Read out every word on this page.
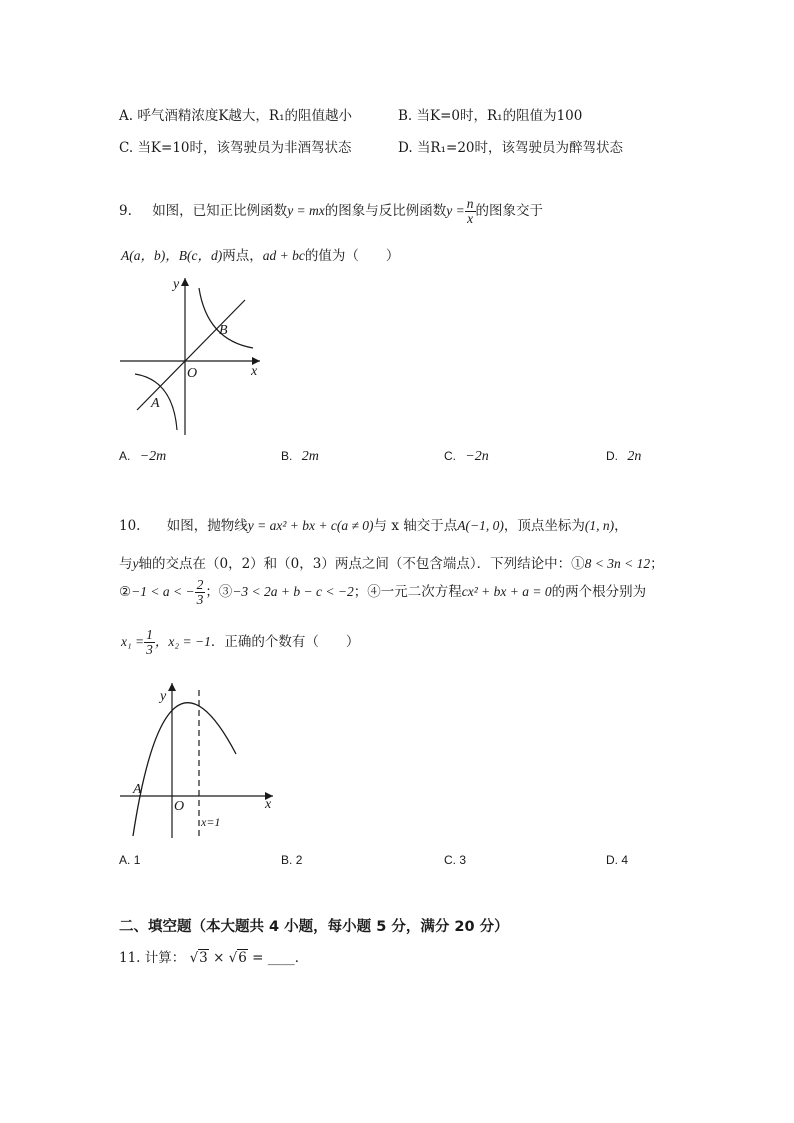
A. 呼气酒精浓度K越大，R₁的阻值越小	B. 当K=0时，R₁的阻值为100
C. 当K=10时，该驾驶员为非酒驾状态	D. 当R₁=20时，该驾驶员为醉驾状态
9. 如图，已知正比例函数y = mx的图象与反比例函数$y = \frac{n}{x}$ 的图象交于
A(a，b)，B(c，d)两点，ad + bc的值为（　　）
y
x
O
A
B
A. −2m	B. 2m	C. −2n	D. 2n
10. 如图，抛物线y = ax² + bx + c(a ≠ 0)与 x 轴交于点A(−1, 0)，顶点坐标为(1, n)，
与y轴的交点在（0，2）和（0，3）两点之间（不包含端点）．下列结论中：①8 < 3n < 12；
②−1 < a < − $\frac{2}{3}$ ；③−3 < 2a + b − c < −2；④一元二次方程cx² + bx + a = 0的两个根分别为
$x_1 = \frac{1}{3}$ ，x₂ = −1．正确的个数有（　　）
y
x
O
A
x=1
A. 1	B. 2	C. 3	D. 4
二、填空题（本大题共 4 小题，每小题 5 分，满分 20 分）
11. 计算： √3 × √6 = ____．
